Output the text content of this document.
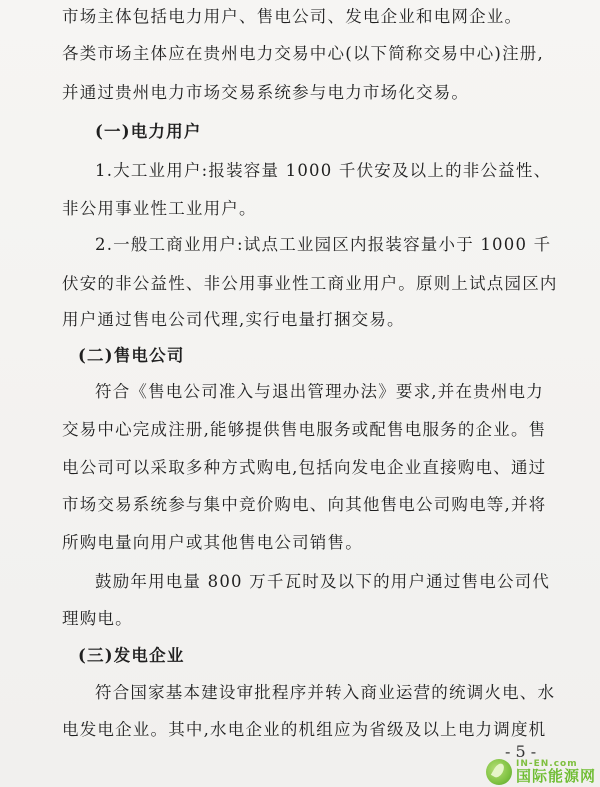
市场主体包括电力用户、售电公司、发电企业和电网企业。
各类市场主体应在贵州电力交易中心(以下简称交易中心)注册,
并通过贵州电力市场交易系统参与电力市场化交易。
(一)电力用户
1.大工业用户:报装容量 1000 千伏安及以上的非公益性、
非公用事业性工业用户。
2.一般工商业用户:试点工业园区内报装容量小于 1000 千
伏安的非公益性、非公用事业性工商业用户。原则上试点园区内
用户通过售电公司代理,实行电量打捆交易。
(二)售电公司
符合《售电公司准入与退出管理办法》要求,并在贵州电力
交易中心完成注册,能够提供售电服务或配售电服务的企业。售
电公司可以采取多种方式购电,包括向发电企业直接购电、通过
市场交易系统参与集中竞价购电、向其他售电公司购电等,并将
所购电量向用户或其他售电公司销售。
鼓励年用电量 800 万千瓦时及以下的用户通过售电公司代
理购电。
(三)发电企业
符合国家基本建设审批程序并转入商业运营的统调火电、水
电发电企业。其中,水电企业的机组应为省级及以上电力调度机
- 5 -
IN-EN.com
国际能源网
